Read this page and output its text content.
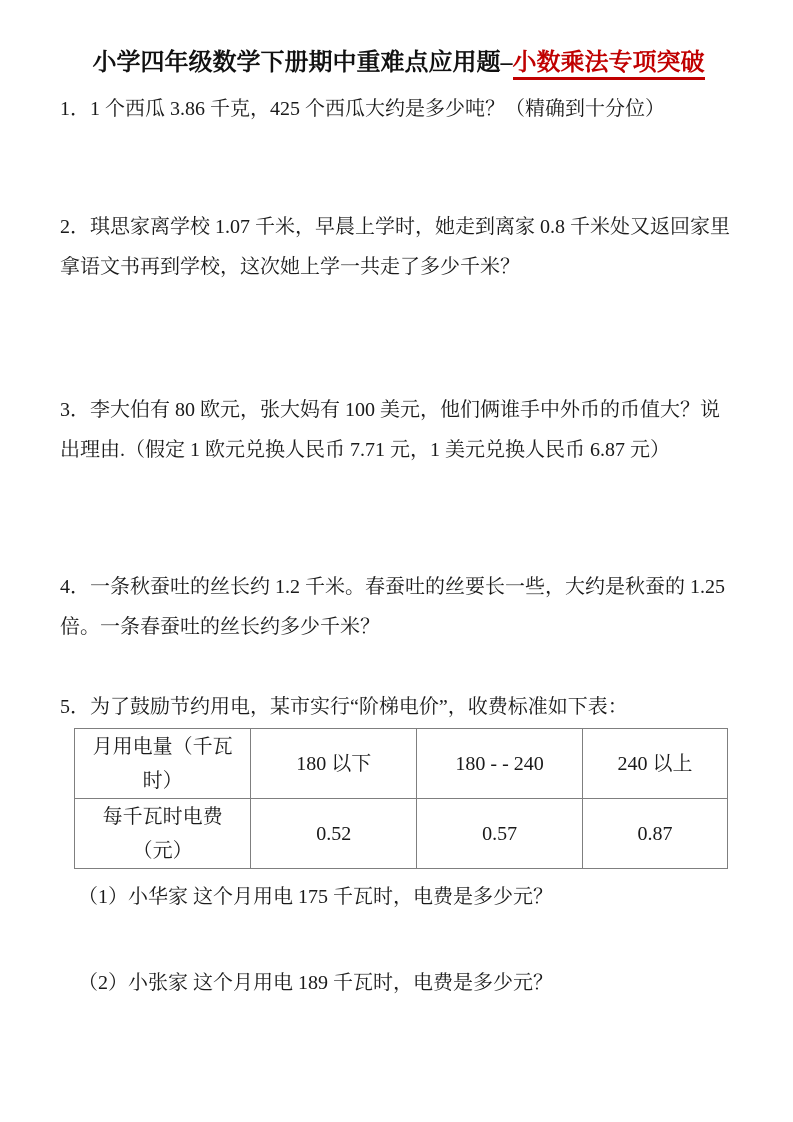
小学四年级数学下册期中重难点应用题–小数乘法专项突破
1．1 个西瓜 3.86 千克，425 个西瓜大约是多少吨？（精确到十分位）
2．琪思家离学校 1.07 千米，早晨上学时，她走到离家 0.8 千米处又返回家里拿语文书再到学校，这次她上学一共走了多少千米？
3．李大伯有 80 欧元，张大妈有 100 美元，他们俩谁手中外币的币值大？说出理由.（假定 1 欧元兑换人民币 7.71 元，1 美元兑换人民币 6.87 元）
4．一条秋蚕吐的丝长约 1.2 千米。春蚕吐的丝要长一些，大约是秋蚕的 1.25 倍。一条春蚕吐的丝长约多少千米？
5．为了鼓励节约用电，某市实行“阶梯电价”，收费标准如下表：
月用电量（千瓦时）	180 以下	180 - - 240	240 以上
每千瓦时电费（元）	0.52	0.57	0.87
（1）小华家 这个月用电 175 千瓦时，电费是多少元？
（2）小张家 这个月用电 189 千瓦时，电费是多少元？
